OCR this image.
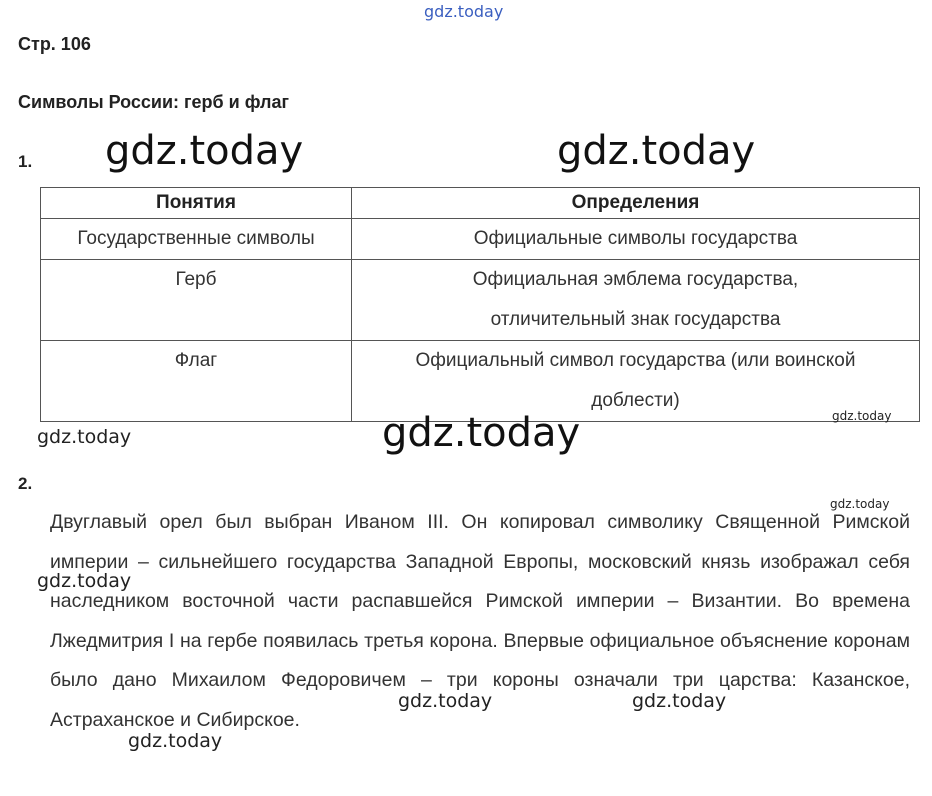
Стр. 106
Символы России: герб и флаг
1.
Понятия	Определения
Государственные символы	Официальные символы государства
Герб	Официальная эмблема государства, отличительный знак государства
Флаг	Официальный символ государства (или воинской доблести)
2.
Двуглавый орел был выбран Иваном III. Он копировал символику Священной Римской империи – сильнейшего государства Западной Европы, московский князь изображал себя наследником восточной части распавшейся Римской империи – Византии. Во времена Лжедмитрия I на гербе появилась третья корона. Впервые официальное объяснение коронам было дано Михаилом Федоровичем – три короны означали три царства: Казанское, Астраханское и Сибирское.
gdz.today
gdz.today	gdz.today
gdz.today
gdz.today
gdz.today
gdz.today
gdz.today
gdz.today	gdz.today
gdz.today
